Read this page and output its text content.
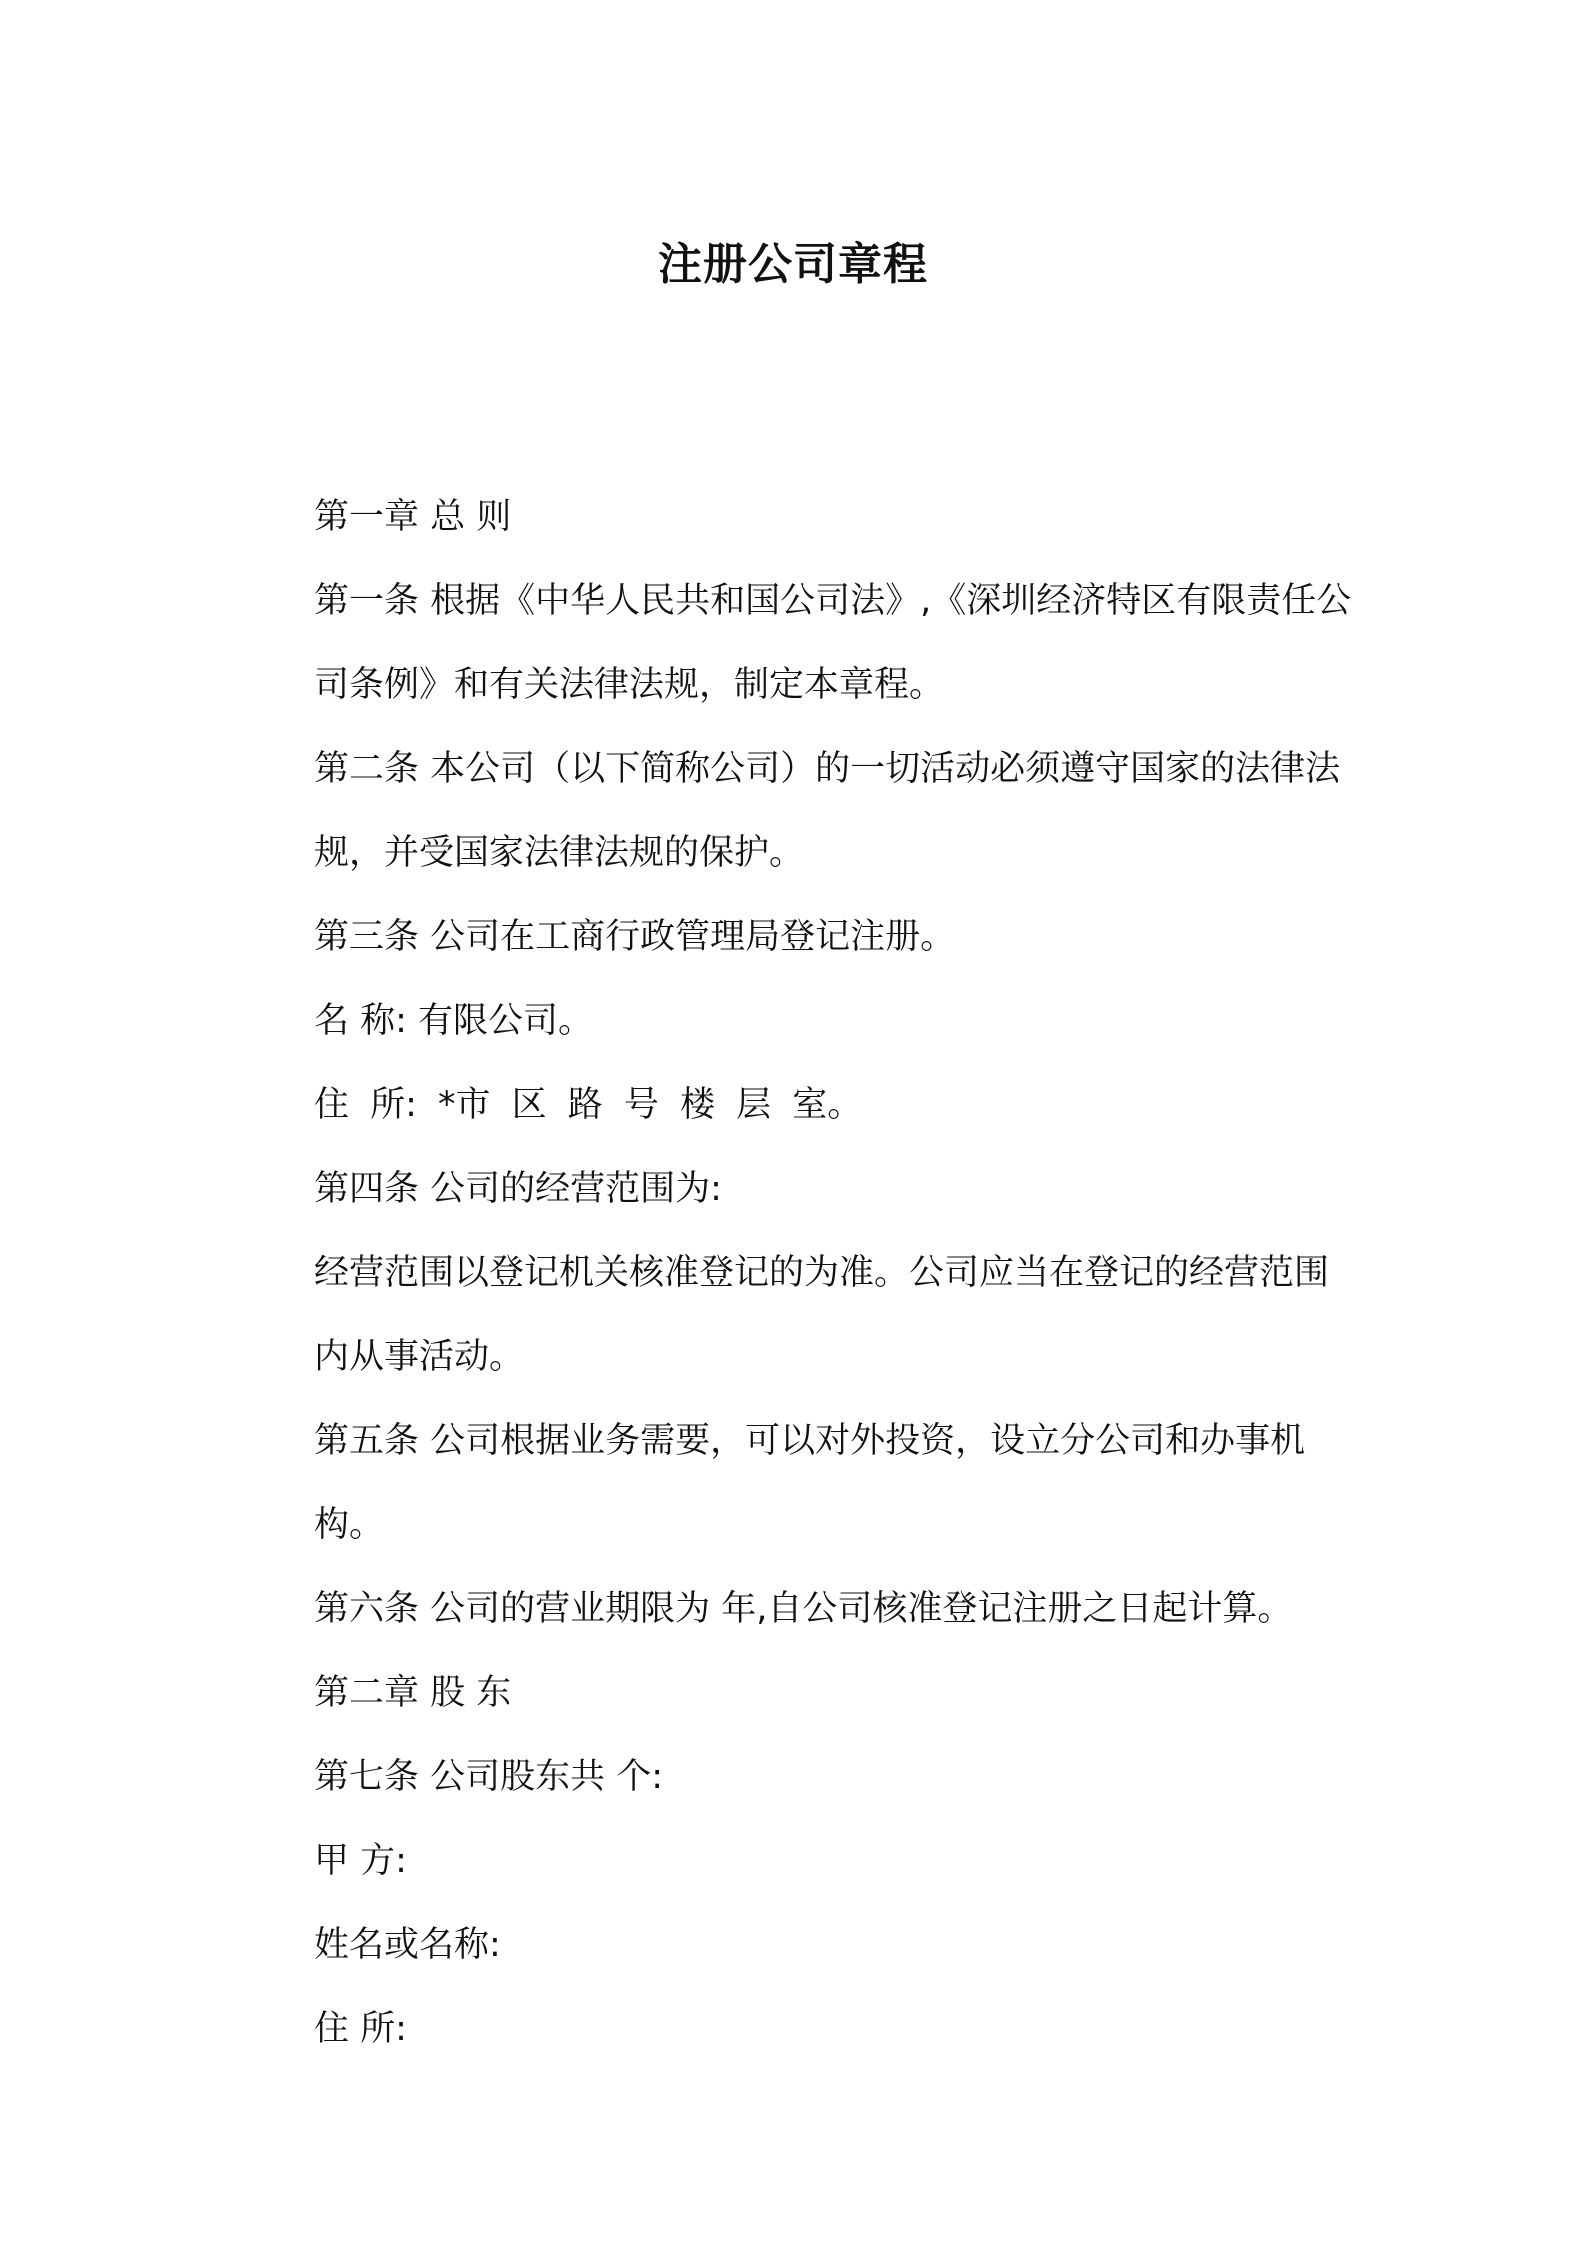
注册公司章程

第一章 总 则

第一条 根据《中华人民共和国公司法》,《深圳经济特区有限责任公司条例》和有关法律法规，制定本章程。

第二条 本公司（以下简称公司）的一切活动必须遵守国家的法律法规，并受国家法律法规的保护。

第三条 公司在工商行政管理局登记注册。

名 称: 有限公司。

住 所: *市 区 路 号 楼 层 室。

第四条 公司的经营范围为:

经营范围以登记机关核准登记的为准。公司应当在登记的经营范围内从事活动。

第五条 公司根据业务需要，可以对外投资，设立分公司和办事机构。

第六条 公司的营业期限为 年,自公司核准登记注册之日起计算。

第二章 股 东

第七条 公司股东共 个:

甲 方:

姓名或名称:

住 所:
